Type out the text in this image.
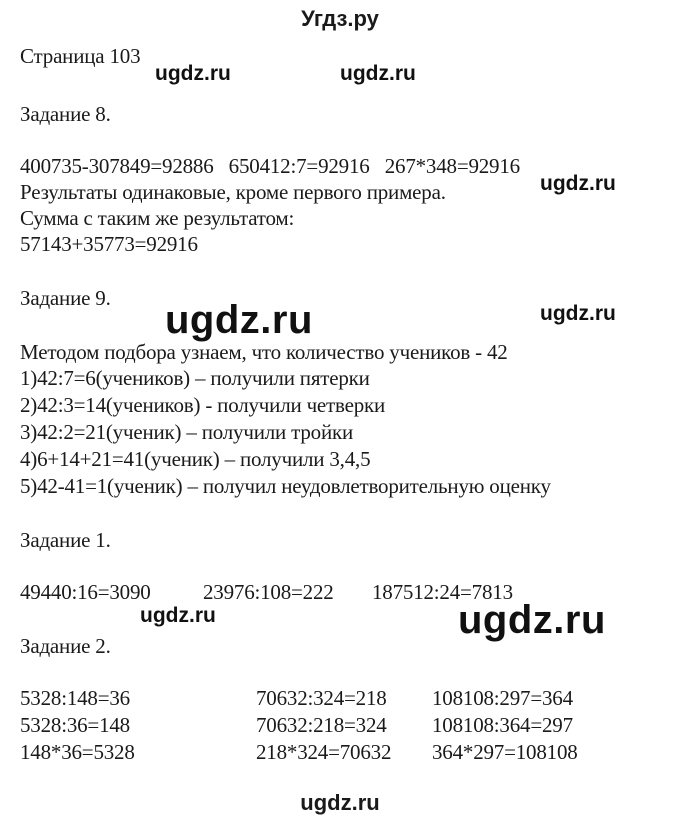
Угдз.ру
Страница 103
Задание 8.
400735-307849=92886   650412:7=92916   267*348=92916
Результаты одинаковые, кроме первого примера.
Сумма с таким же результатом:
57143+35773=92916
Задание 9.
Методом подбора узнаем, что количество учеников - 42
1)42:7=6(учеников) – получили пятерки
2)42:3=14(учеников) - получили четверки
3)42:2=21(ученик) – получили тройки
4)6+14+21=41(ученик) – получили 3,4,5
5)42-41=1(ученик) – получил неудовлетворительную оценку
Задание 1.
49440:16=3090 23976:108=222 187512:24=7813
Задание 2.
5328:148=36	70632:324=218 108108:297=364
5328:36=148	70632:218=324 108108:364=297
148*36=5328	218*324=70632 364*297=108108
ugdz.ru	ugdz.ru
ugdz.ru
ugdz.ru	ugdz.ru
ugdz.ru	ugdz.ru
ugdz.ru
